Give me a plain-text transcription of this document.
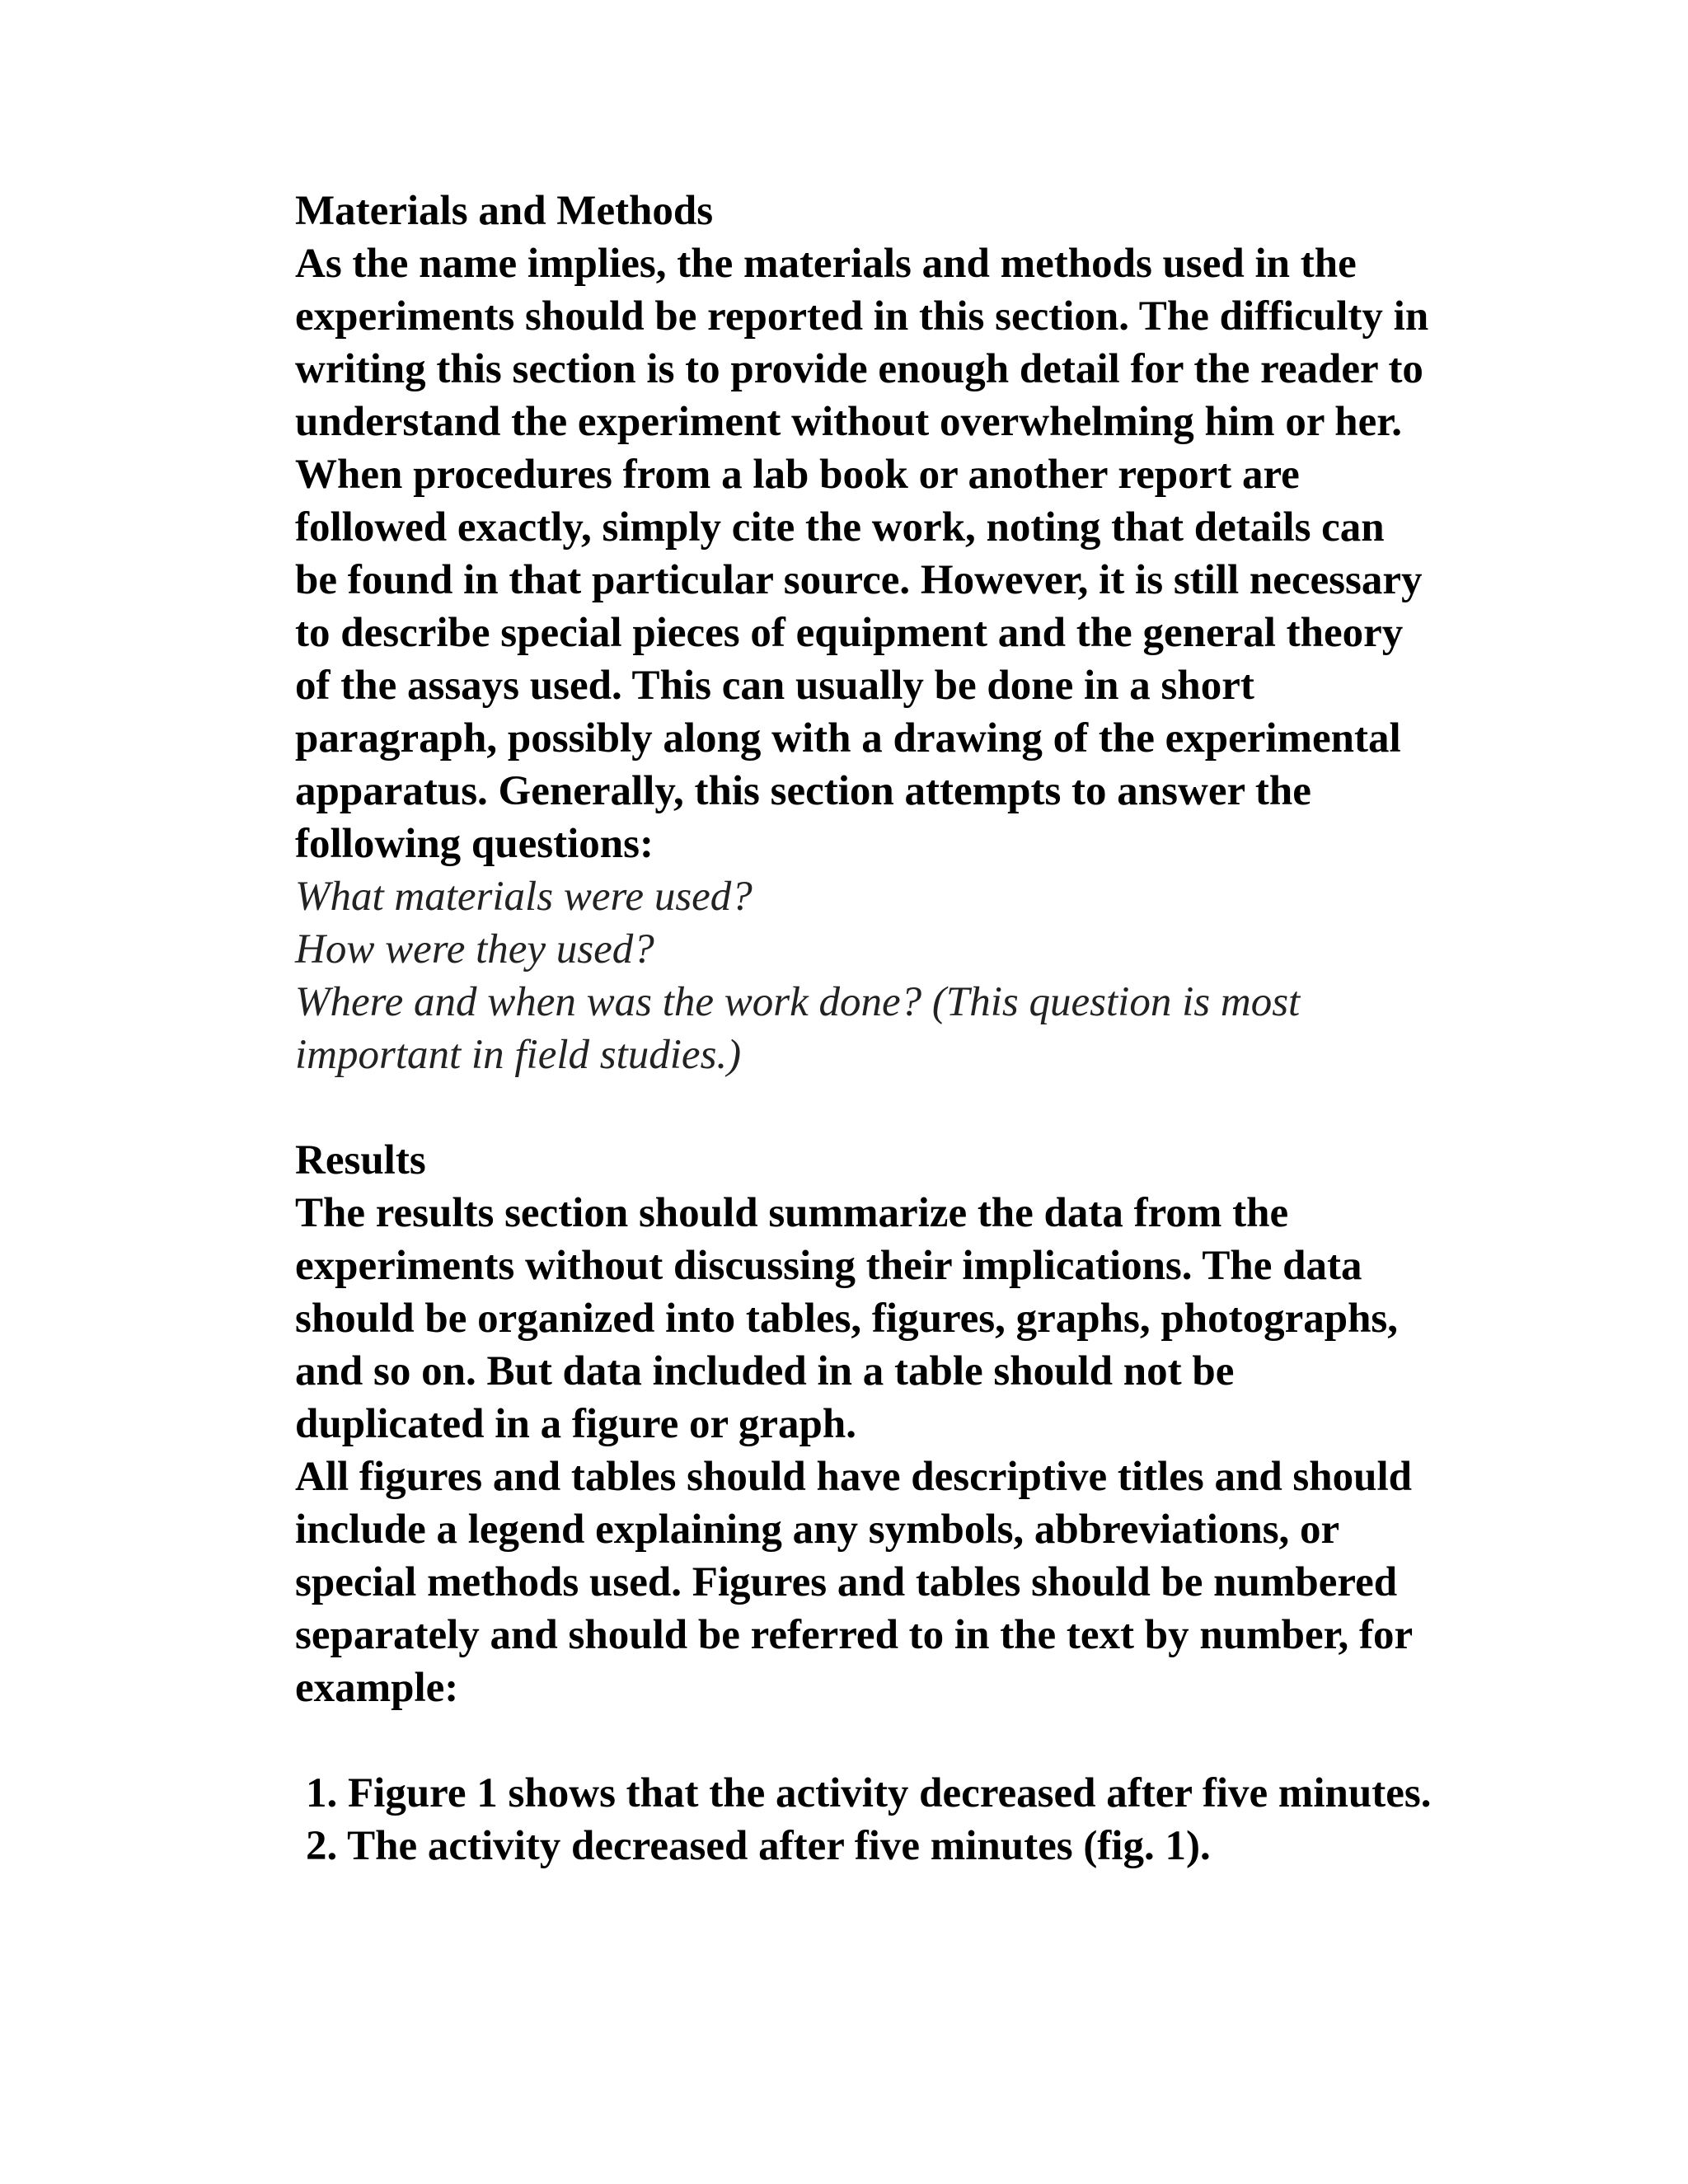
Materials and Methods

As the name implies, the materials and methods used in the experiments should be reported in this section. The difficulty in writing this section is to provide enough detail for the reader to understand the experiment without overwhelming him or her. When procedures from a lab book or another report are followed exactly, simply cite the work, noting that details can be found in that particular source. However, it is still necessary to describe special pieces of equipment and the general theory of the assays used. This can usually be done in a short paragraph, possibly along with a drawing of the experimental apparatus. Generally, this section attempts to answer the following questions:

What materials were used?

How were they used?

Where and when was the work done? (This question is most important in field studies.)

Results

The results section should summarize the data from the experiments without discussing their implications. The data should be organized into tables, figures, graphs, photographs, and so on. But data included in a table should not be duplicated in a figure or graph.

All figures and tables should have descriptive titles and should include a legend explaining any symbols, abbreviations, or special methods used. Figures and tables should be numbered separately and should be referred to in the text by number, for example:

1. Figure 1 shows that the activity decreased after five minutes.

2. The activity decreased after five minutes (fig. 1).
